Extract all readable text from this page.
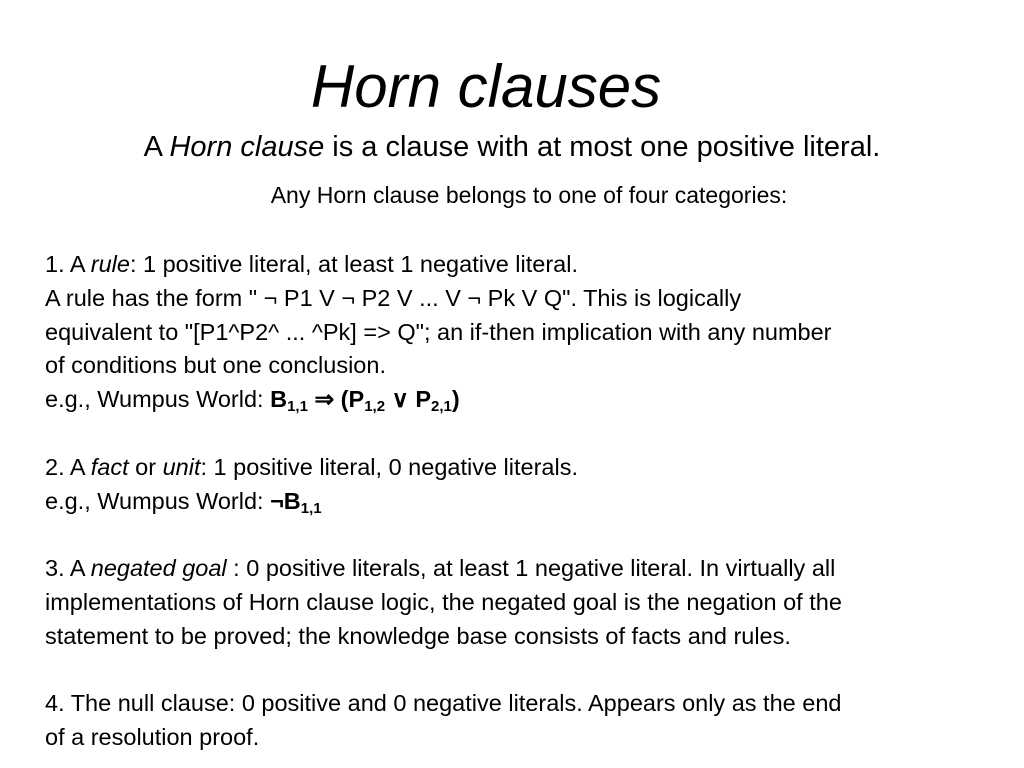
Horn clauses

A Horn clause is a clause with at most one positive literal.

Any Horn clause belongs to one of four categories:

1. A rule: 1 positive literal, at least 1 negative literal.
A rule has the form " ¬ P1 V ¬ P2 V ... V ¬ Pk V Q". This is logically
equivalent to "[P1^P2^ ... ^Pk] => Q"; an if-then implication with any number
of conditions but one conclusion.
e.g., Wumpus World: $B_{1,1}$ ⇒ ($P_{1,2}$ ∨ $P_{2,1}$)
2. A fact or unit: 1 positive literal, 0 negative literals.
e.g., Wumpus World: $\neg B_{1,1}$
3. A negated goal : 0 positive literals, at least 1 negative literal. In virtually all
implementations of Horn clause logic, the negated goal is the negation of the
statement to be proved; the knowledge base consists of facts and rules.
4. The null clause: 0 positive and 0 negative literals. Appears only as the end
of a resolution proof.
